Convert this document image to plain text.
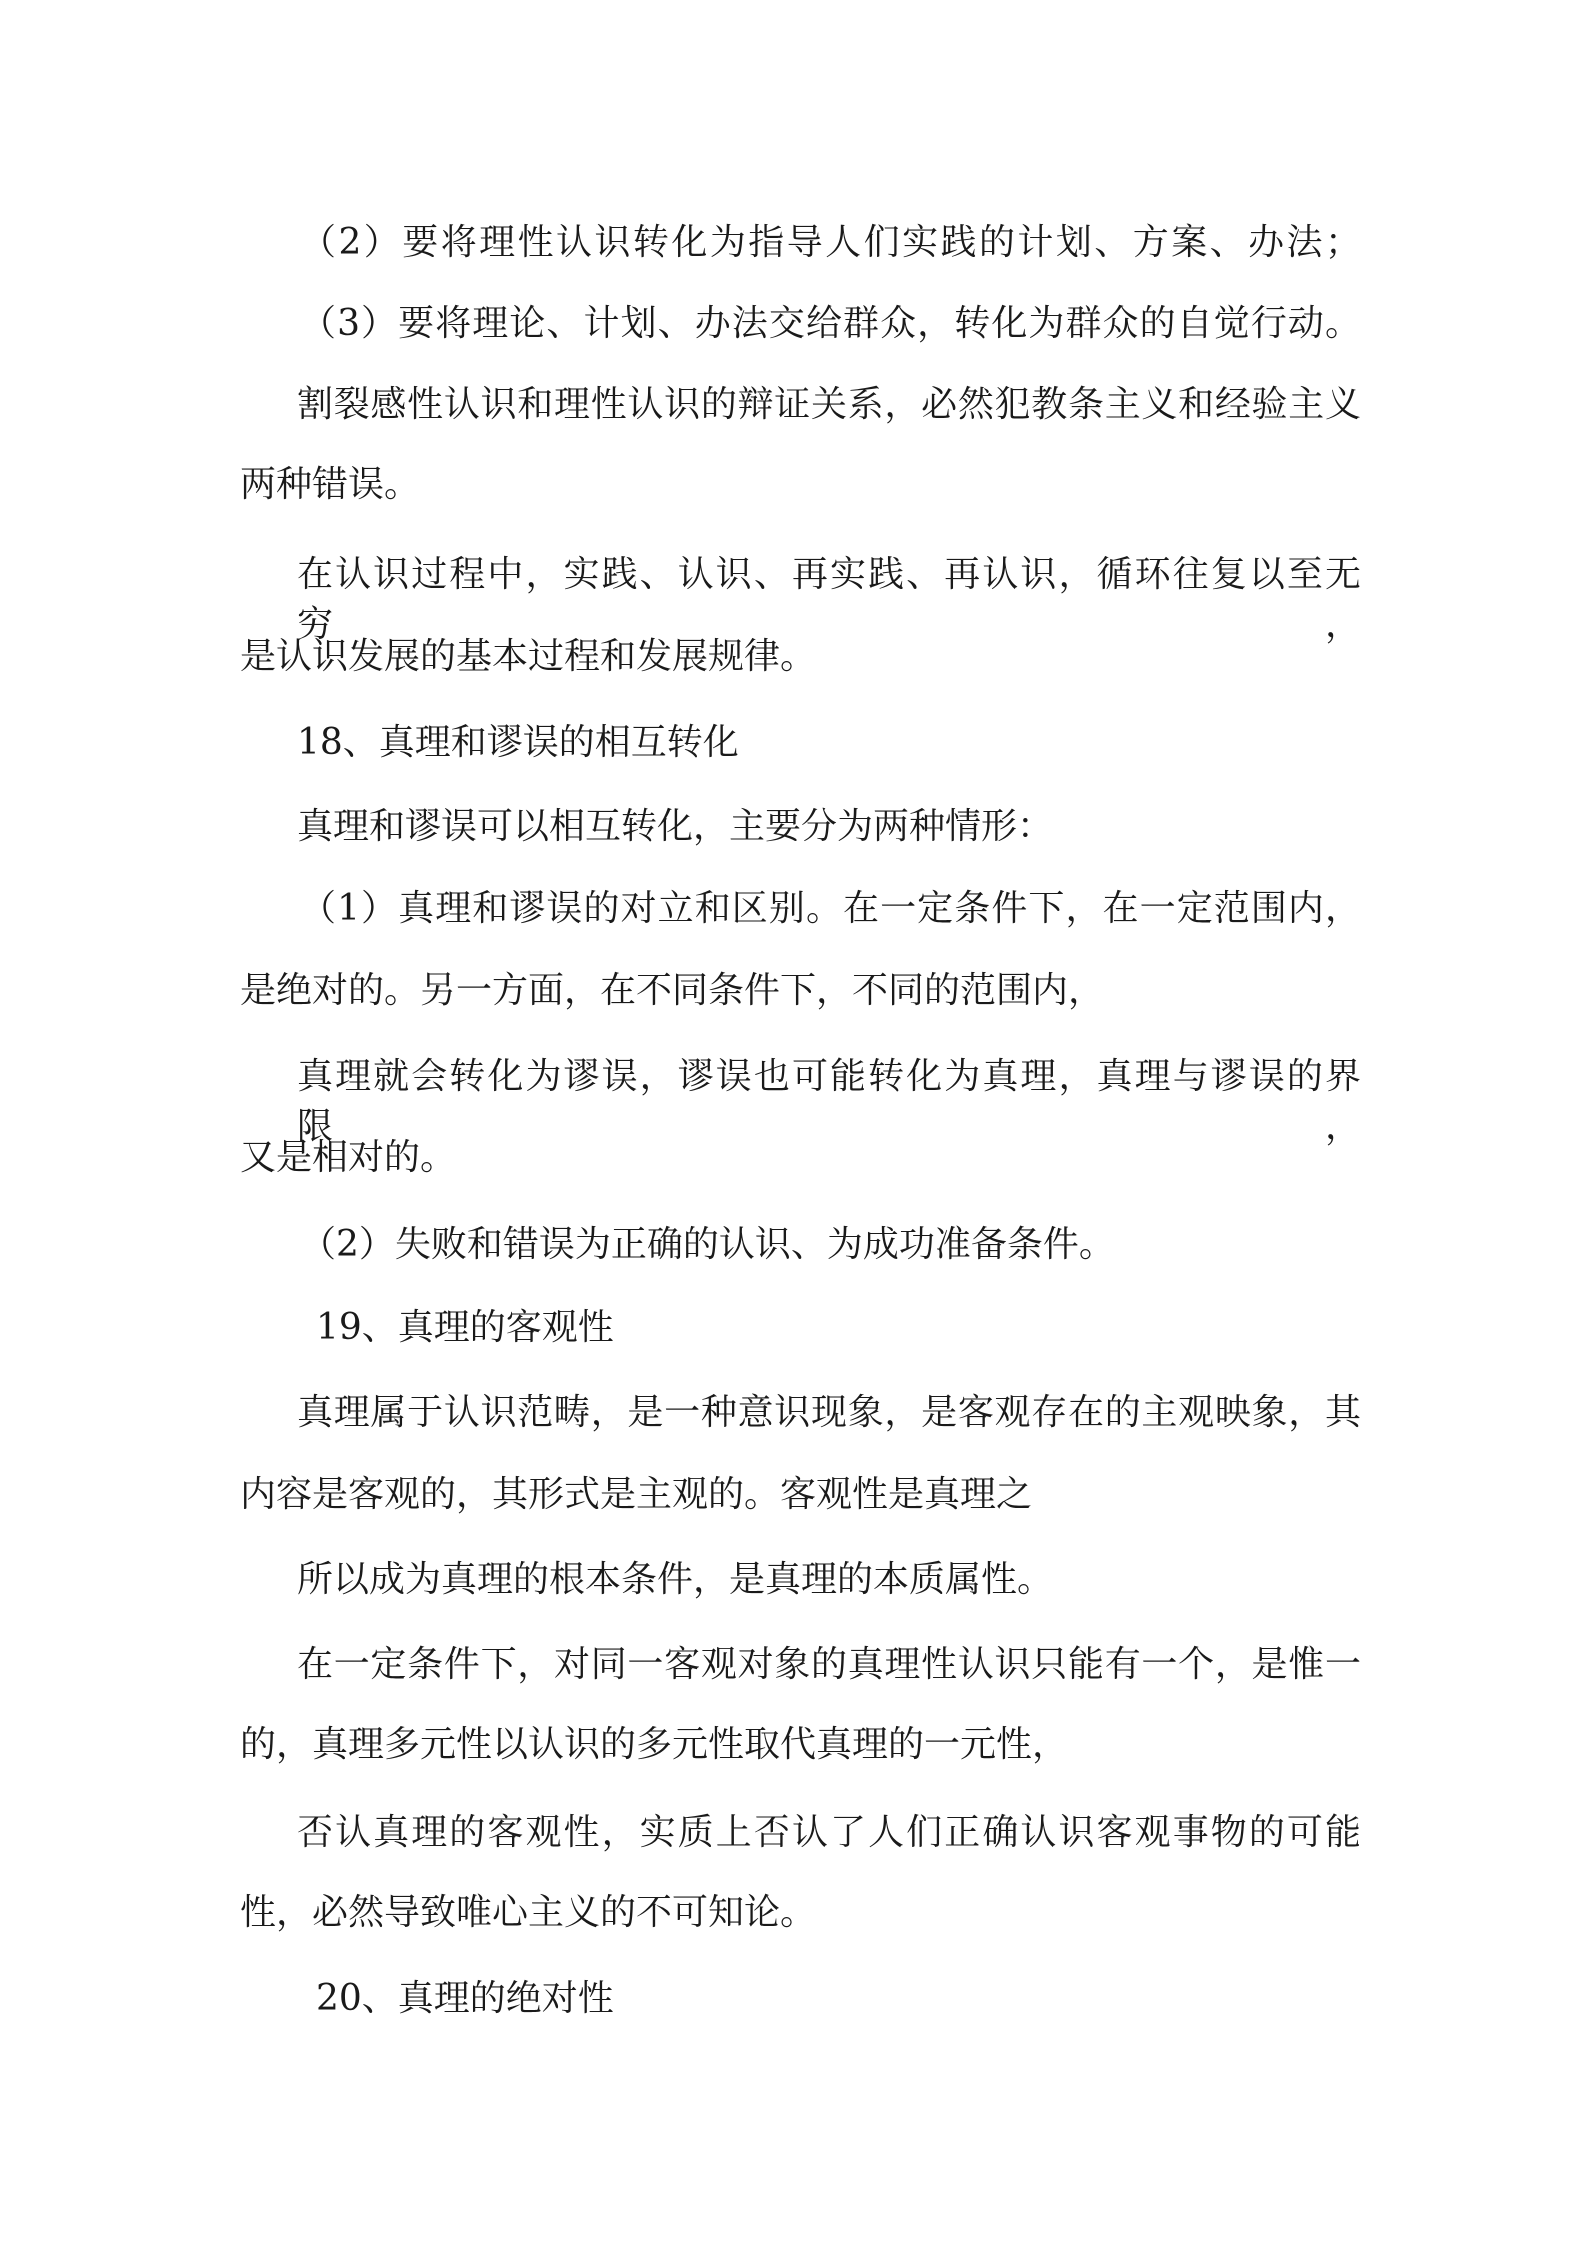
（2）要将理性认识转化为指导人们实践的计划、方案、办法；
（3）要将理论、计划、办法交给群众，转化为群众的自觉行动。
割裂感性认识和理性认识的辩证关系，必然犯教条主义和经验主义
两种错误。
在认识过程中，实践、认识、再实践、再认识，循环往复以至无穷，
是认识发展的基本过程和发展规律。
18、真理和谬误的相互转化
真理和谬误可以相互转化，主要分为两种情形：
（1）真理和谬误的对立和区别。在一定条件下，在一定范围内，
是绝对的。另一方面，在不同条件下，不同的范围内，
真理就会转化为谬误，谬误也可能转化为真理，真理与谬误的界限，
又是相对的。
（2）失败和错误为正确的认识、为成功准备条件。
19、真理的客观性
真理属于认识范畴，是一种意识现象，是客观存在的主观映象，其
内容是客观的，其形式是主观的。客观性是真理之
所以成为真理的根本条件，是真理的本质属性。
在一定条件下，对同一客观对象的真理性认识只能有一个，是惟一
的，真理多元性以认识的多元性取代真理的一元性，
否认真理的客观性，实质上否认了人们正确认识客观事物的可能
性，必然导致唯心主义的不可知论。
20、真理的绝对性
